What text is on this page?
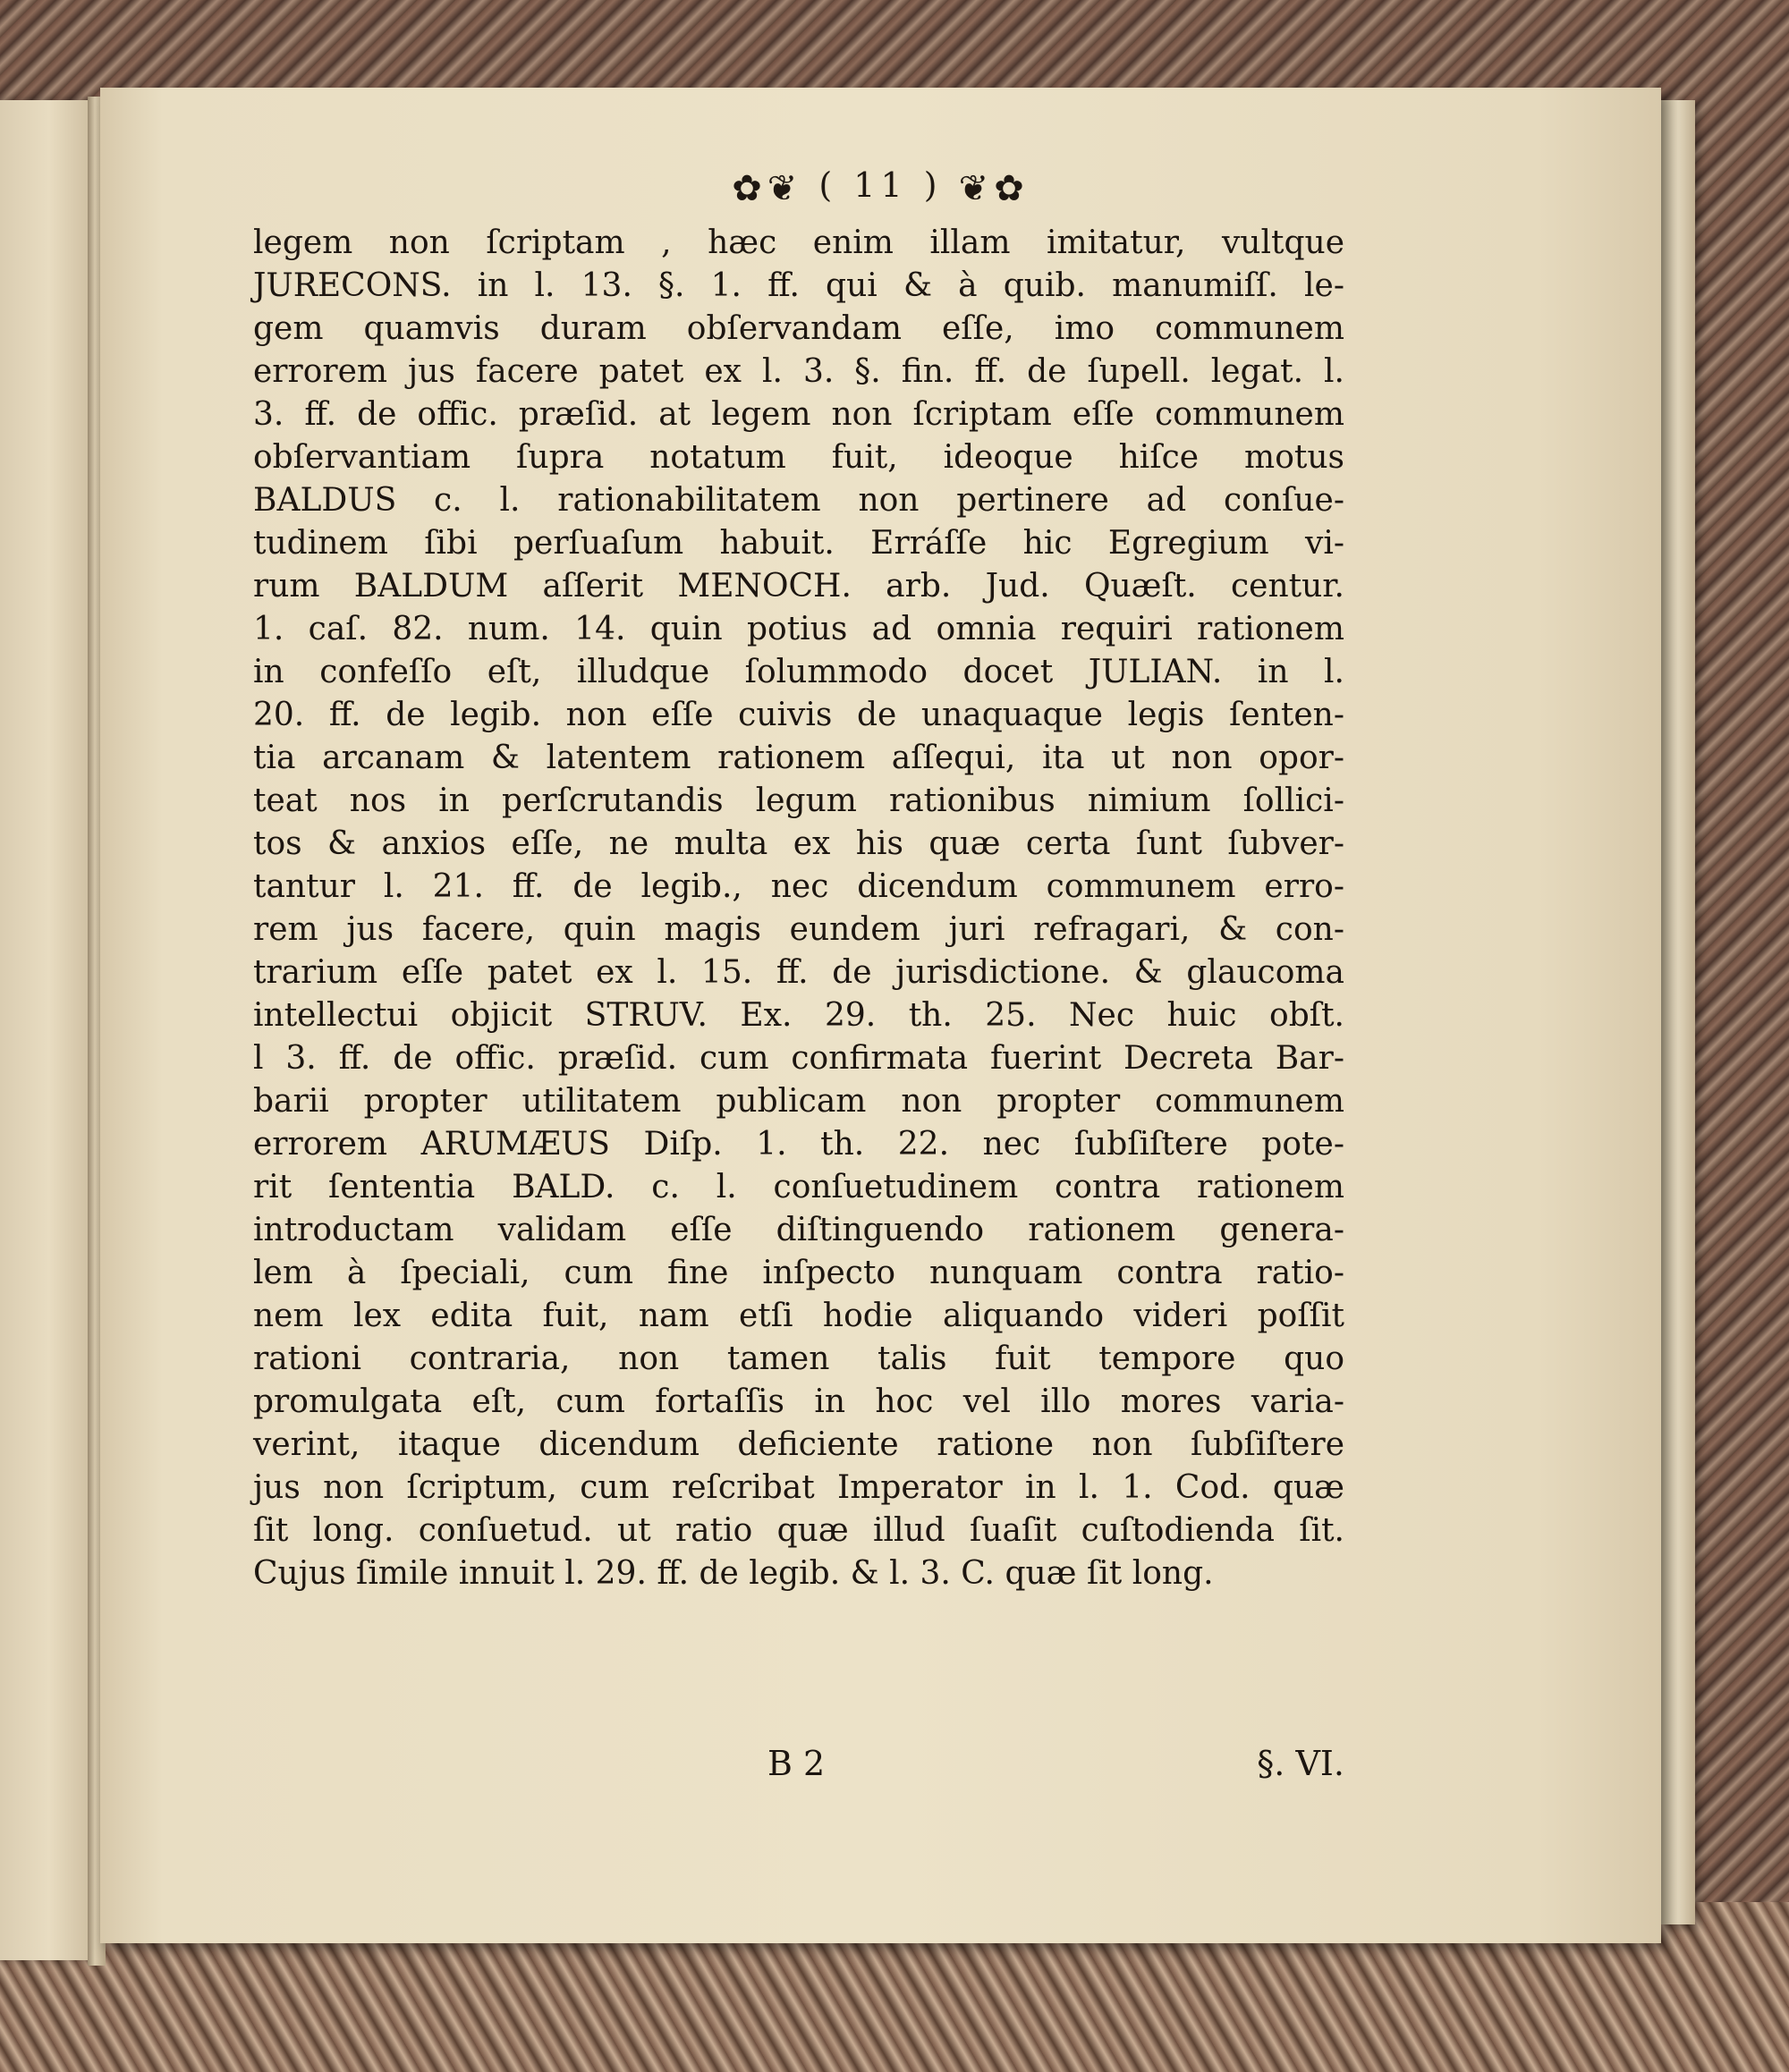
✿❦ ( 11 ) ❦✿
legem non ſcriptam , hæc enim illam imitatur, vultque
JURECONS. in l. 13. §. 1. ff. qui & à quib. manumiſſ. le-
gem quamvis duram obſervandam eſſe, imo communem
errorem jus facere patet ex l. 3. §. fin. ff. de ſupell. legat. l.
3. ff. de offic. præſid. at legem non ſcriptam eſſe communem
obſervantiam ſupra notatum fuit, ideoque hiſce motus
BALDUS c. l. rationabilitatem non pertinere ad conſue-
tudinem ſibi perſuaſum habuit. Erráſſe hic Egregium vi-
rum BALDUM aſſerit MENOCH. arb. Jud. Quæſt. centur.
1. caſ. 82. num. 14. quin potius ad omnia requiri rationem
in confeſſo eſt, illudque ſolummodo docet JULIAN. in l.
20. ff. de legib. non eſſe cuivis de unaquaque legis ſenten-
tia arcanam & latentem rationem aſſequi, ita ut non opor-
teat nos in perſcrutandis legum rationibus nimium ſollici-
tos & anxios eſſe, ne multa ex his quæ certa ſunt ſubver-
tantur l. 21. ff. de legib., nec dicendum communem erro-
rem jus facere, quin magis eundem juri refragari, & con-
trarium eſſe patet ex l. 15. ff. de jurisdictione. & glaucoma
intellectui objicit STRUV. Ex. 29. th. 25. Nec huic obſt.
l 3. ff. de offic. præſid. cum confirmata fuerint Decreta Bar-
barii propter utilitatem publicam non propter communem
errorem ARUMÆUS Diſp. 1. th. 22. nec ſubſiſtere pote-
rit ſententia BALD. c. l. conſuetudinem contra rationem
introductam validam eſſe diſtinguendo rationem genera-
lem à ſpeciali, cum fine inſpecto nunquam contra ratio-
nem lex edita fuit, nam etſi hodie aliquando videri poſſit
rationi contraria, non tamen talis fuit tempore quo
promulgata eſt, cum fortaſſis in hoc vel illo mores varia-
verint, itaque dicendum deficiente ratione non ſubſiſtere
jus non ſcriptum, cum reſcribat Imperator in l. 1. Cod. quæ
ſit long. conſuetud. ut ratio quæ illud ſuaſit cuſtodienda ſit.
Cujus ſimile innuit l. 29. ff. de legib. & l. 3. C. quæ ſit long.
B 2	§. VI.
